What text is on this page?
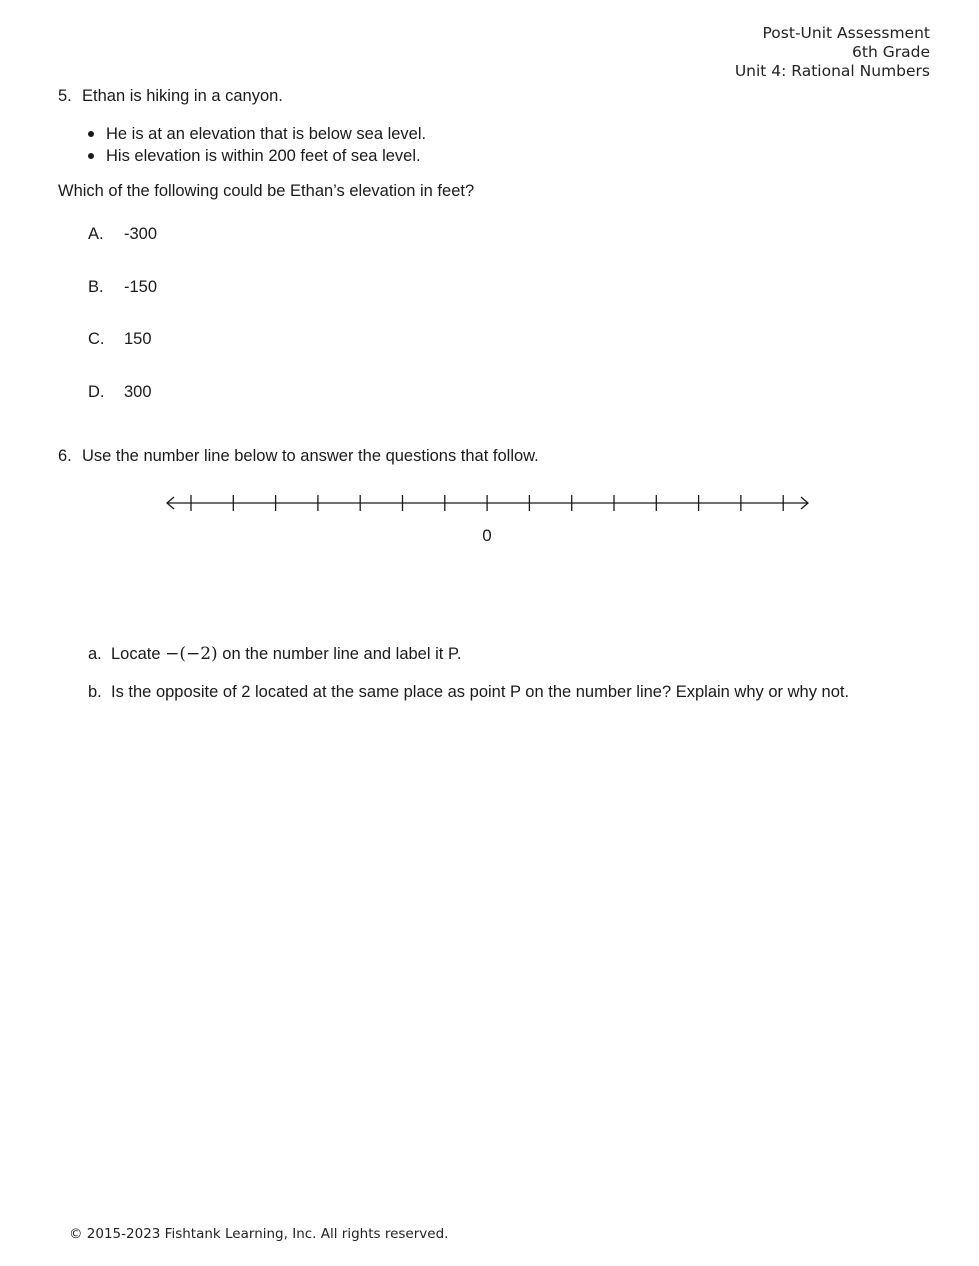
Post-Unit Assessment
6th Grade
Unit 4: Rational Numbers
5. Ethan is hiking in a canyon.
He is at an elevation that is below sea level.
His elevation is within 200 feet of sea level.
Which of the following could be Ethan’s elevation in feet?
A. -300
B. -150
C. 150
D. 300
6. Use the number line below to answer the questions that follow.
0
a. Locate −(−2) on the number line and label it P.
b. Is the opposite of 2 located at the same place as point P on the number line? Explain why or why not.
© 2015-2023 Fishtank Learning, Inc. All rights reserved.
